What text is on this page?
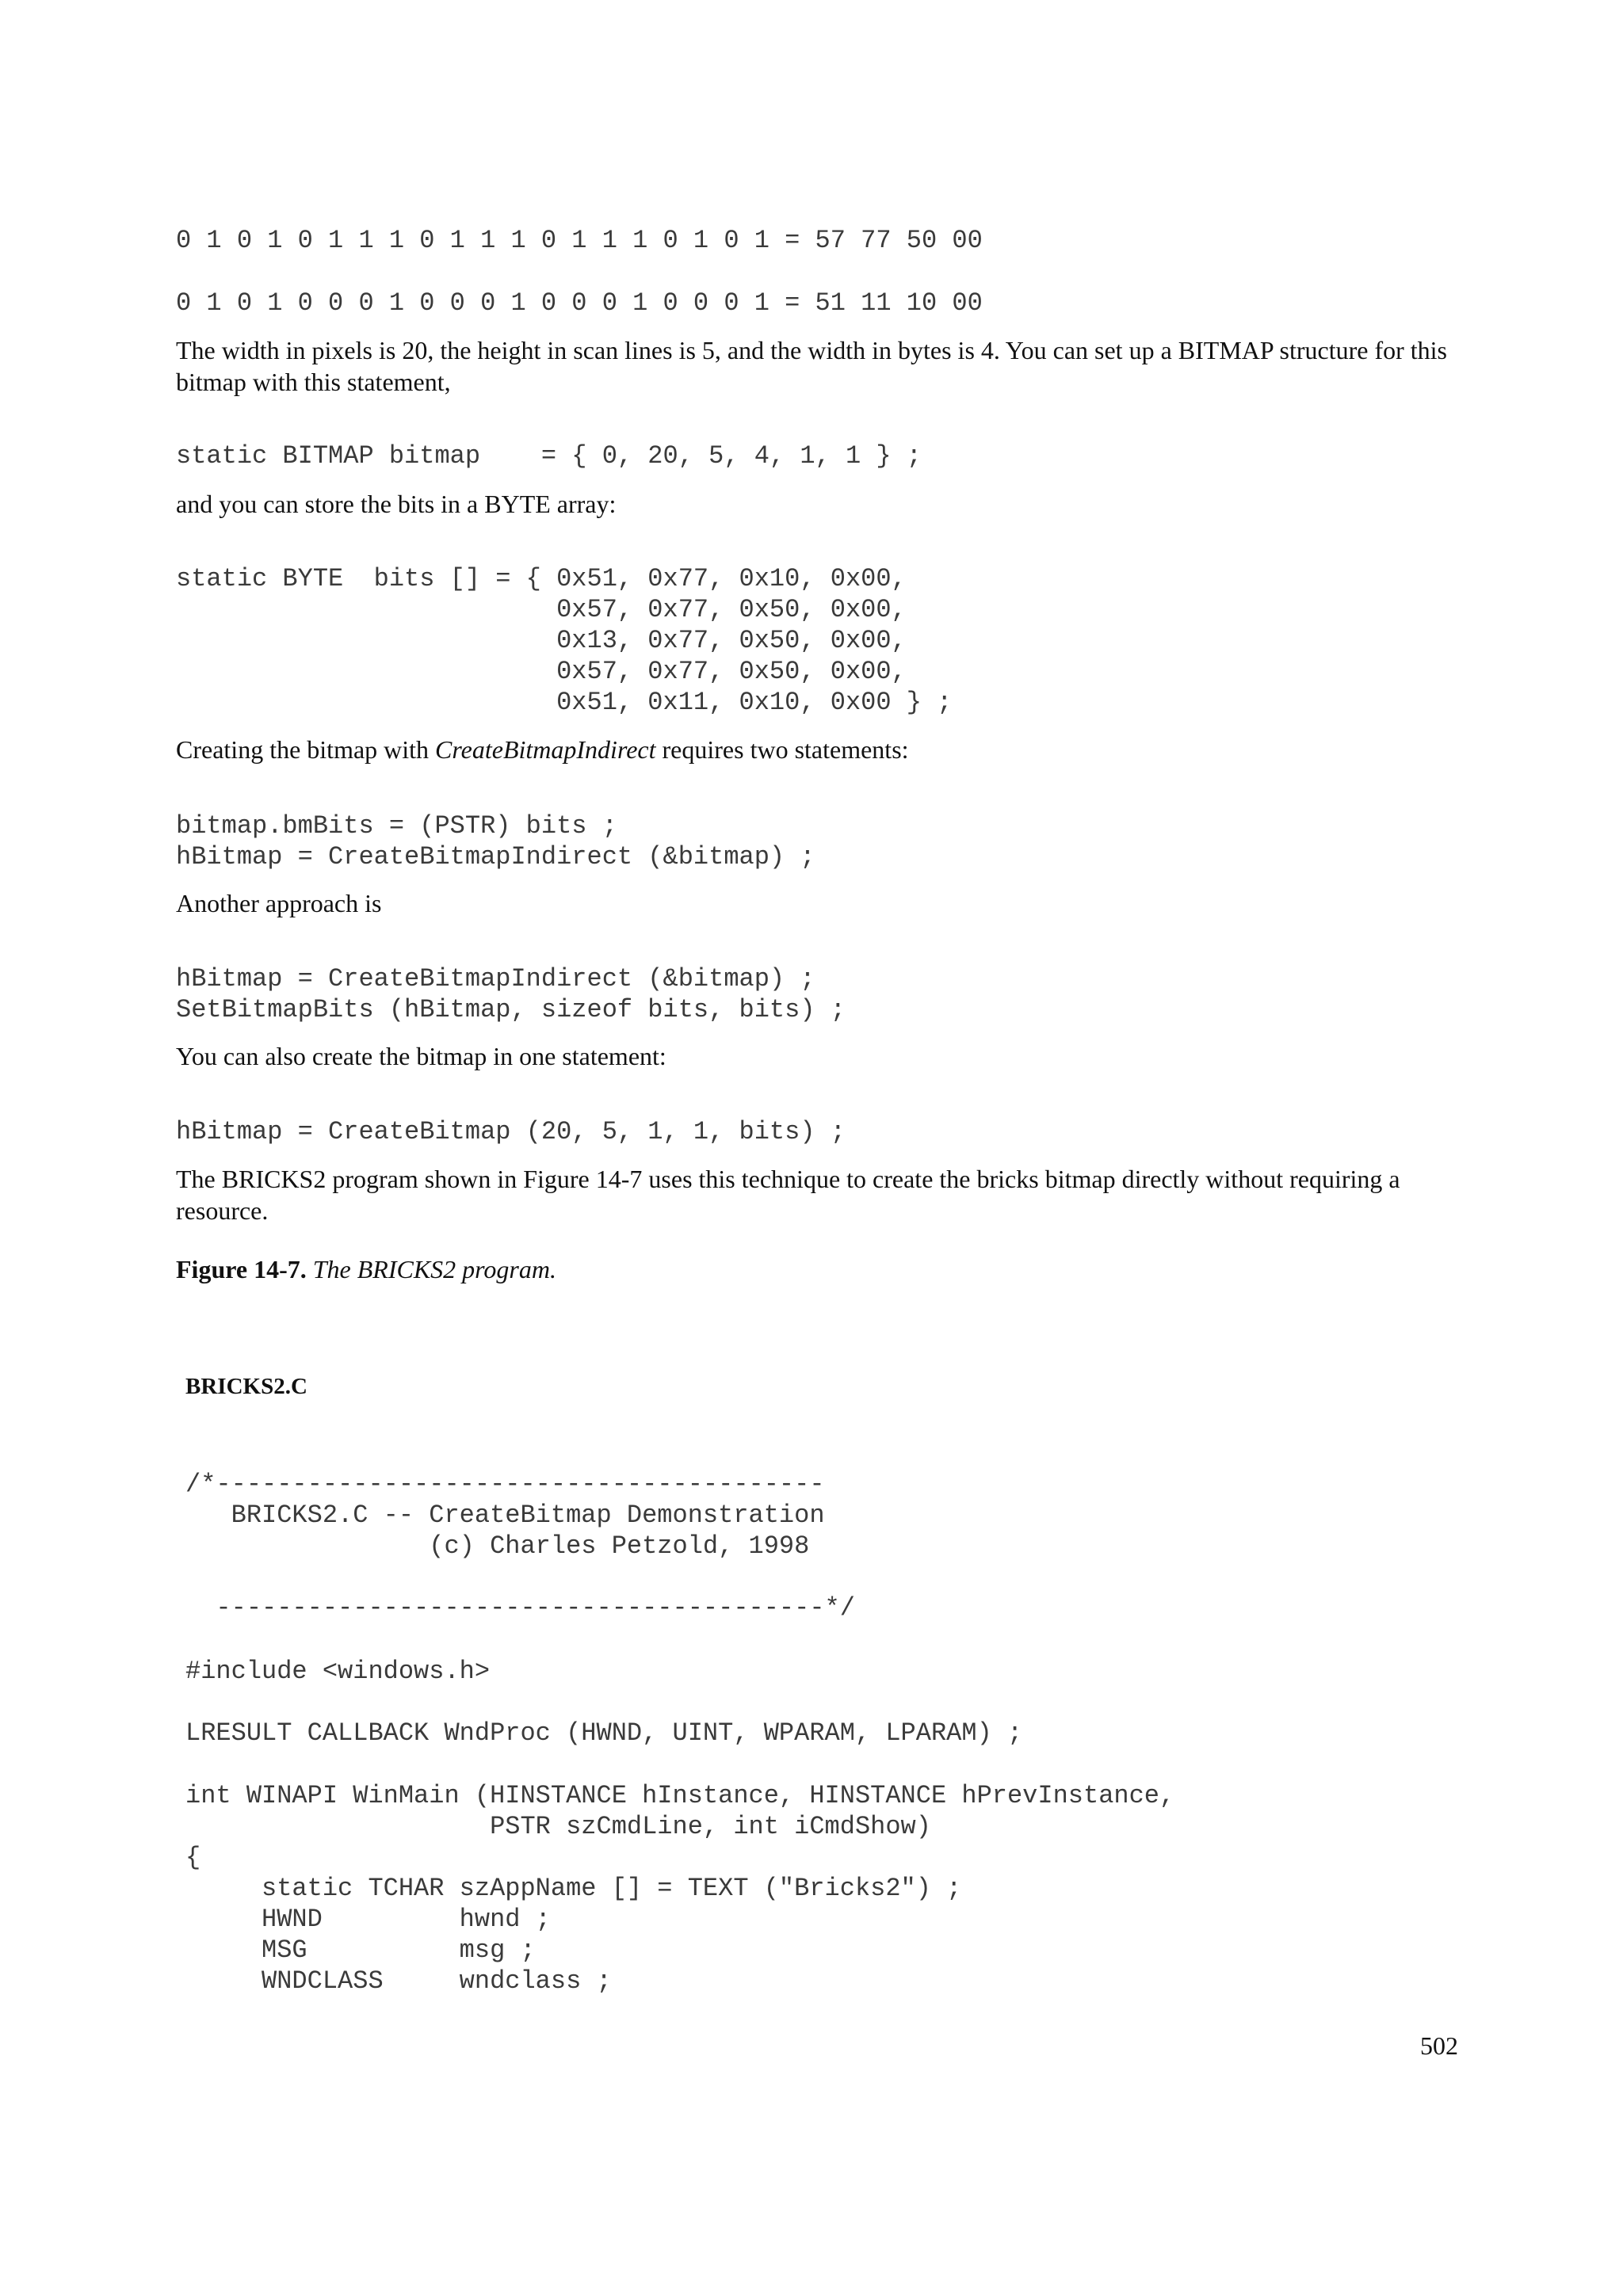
0 1 0 1 0 1 1 1 0 1 1 1 0 1 1 1 0 1 0 1 = 57 77 50 00
0 1 0 1 0 0 0 1 0 0 0 1 0 0 0 1 0 0 0 1 = 51 11 10 00

The width in pixels is 20, the height in scan lines is 5, and the width in bytes is 4. You can set up a BITMAP structure for this bitmap with this statement,

static BITMAP bitmap    = { 0, 20, 5, 4, 1, 1 } ;

and you can store the bits in a BYTE array:

static BYTE  bits [] = { 0x51, 0x77, 0x10, 0x00,
0x57, 0x77, 0x50, 0x00,
0x13, 0x77, 0x50, 0x00,
0x57, 0x77, 0x50, 0x00,
0x51, 0x11, 0x10, 0x00 } ;

Creating the bitmap with CreateBitmapIndirect requires two statements:

bitmap.bmBits = (PSTR) bits ;
hBitmap = CreateBitmapIndirect (&bitmap) ;

Another approach is

hBitmap = CreateBitmapIndirect (&bitmap) ;
SetBitmapBits (hBitmap, sizeof bits, bits) ;

You can also create the bitmap in one statement:

hBitmap = CreateBitmap (20, 5, 1, 1, bits) ;

The BRICKS2 program shown in Figure 14-7 uses this technique to create the bricks bitmap directly without requiring a resource.

Figure 14-7. The BRICKS2 program.

BRICKS2.C
/*----------------------------------------
BRICKS2.C -- CreateBitmap Demonstration
(c) Charles Petzold, 1998

----------------------------------------*/
#include <windows.h>
LRESULT CALLBACK WndProc (HWND, UINT, WPARAM, LPARAM) ;
int WINAPI WinMain (HINSTANCE hInstance, HINSTANCE hPrevInstance,
PSTR szCmdLine, int iCmdShow)
{
static TCHAR szAppName [] = TEXT ("Bricks2") ;
HWND         hwnd ;
MSG          msg ;
WNDCLASS     wndclass ;
502
